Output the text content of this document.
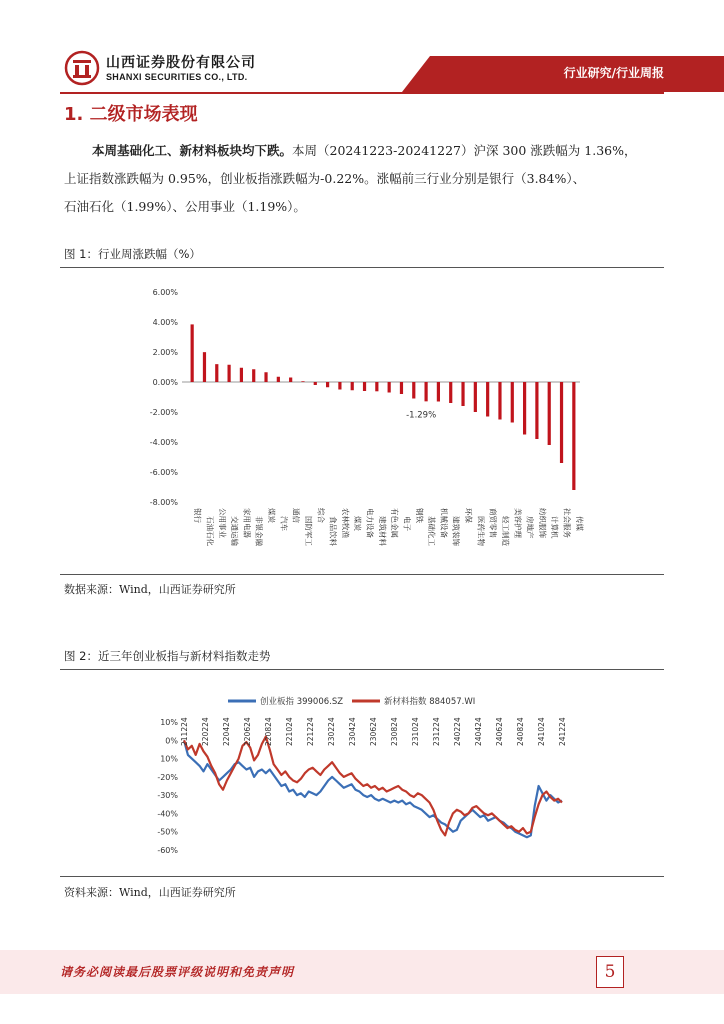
山西证券股份有限公司
SHANXI SECURITIES CO., LTD.	行业研究/行业周报
1. 二级市场表现
本周基础化工、新材料板块均下跌。本周（20241223-20241227）沪深 300 涨跌幅为 1.36%，
上证指数涨跌幅为 0.95%，创业板指涨跌幅为-0.22%。涨幅前三行业分别是银行（3.84%）、
石油石化（1.99%）、公用事业（1.19%）。
图 1：行业周涨跌幅（%）
6.00%
4.00%
2.00%
0.00%
-2.00%
-4.00%
-6.00%
-8.00%
银行
石油石化 公用事业 交通运输 家用电器 非银金融
煤炭
汽车
通信
国防军工
综合
食品饮料 农林牧渔 煤炭 电力设备 建筑材料 有色金属 电子
钢铁
基础化工 机械设备 建筑装饰
环保
医药生物 商贸零售 轻工制造 美容护理 房地产 纺织服饰 计算机 社会服务 传媒
-1.29%
数据来源：Wind，山西证券研究所
图 2：近三年创业板指与新材料指数走势
创业板指 399006.SZ	新材料指数 884057.WI
10%
0%
10%
-20%
-30%
-40%
-50%
-60%
211224 220224 220424 220624 220824 221024 221224 230224 230424 230624 230824 231024 231224 240224 240424 240624 240824 241024 241224
资料来源：Wind，山西证券研究所
请务必阅读最后股票评级说明和免责声明	5
